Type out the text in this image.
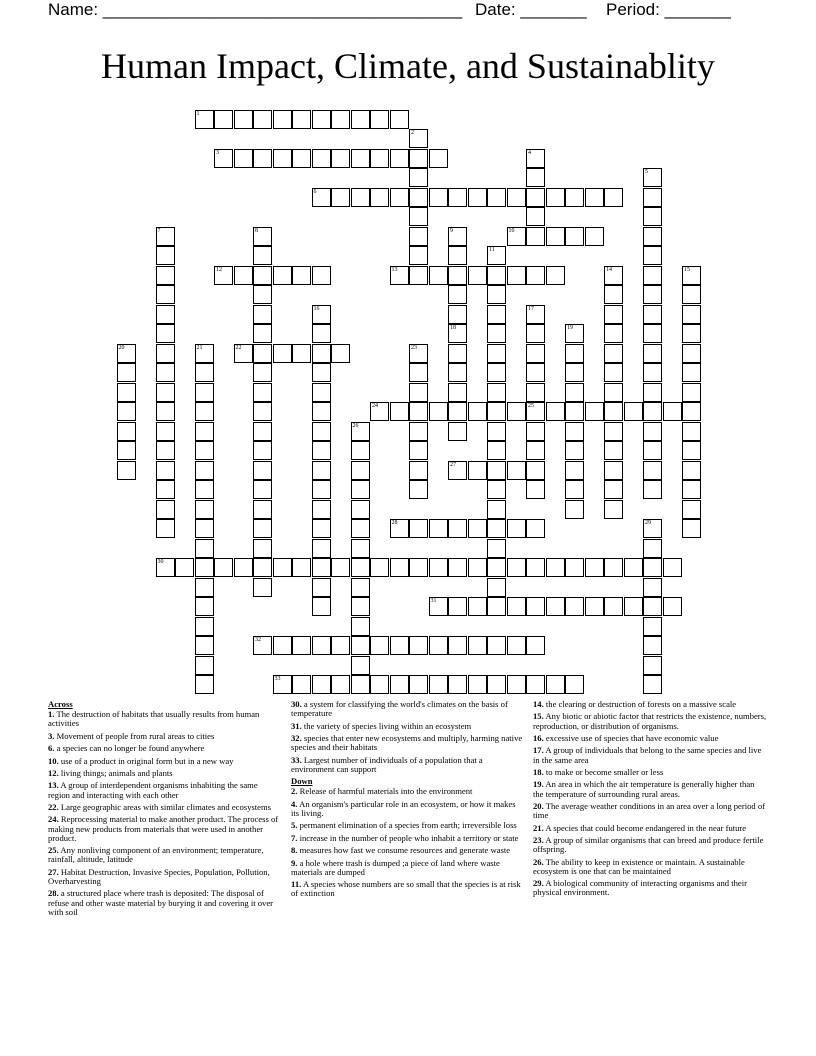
Name: ______________________________________ Date: _______ Period: _______
Human Impact, Climate, and Sustainablity
1
2
3	4
5
6
7	8	9
18
10
11
12	13	14	15
16	17
25
19
20	21	22	23
24
26
27
28	29
30
31
32
33
Across
1. The destruction of habitats that usually results from human activities
3. Movement of people from rural areas to cities
6. a species can no longer be found anywhere
10. use of a product in original form but in a new way
12. living things; animals and plants
13. A group of interdependent organisms inhabiting the same region and interacting with each other
22. Large geographic areas with similar climates and ecosystems
24. Reprocessing material to make another product. The process of making new products from materials that were used in another product.
25. Any nonliving component of an environment; temperature, rainfall, altitude, latitude
27. Habitat Destruction, Invasive Species, Population, Pollution, Overharvesting
28. a structured place where trash is deposited: The disposal of refuse and other waste material by burying it and covering it over with soil
30. a system for classifying the world's climates on the basis of temperature
31. the variety of species living within an ecosystem
32. species that enter new ecosystems and multiply, harming native species and their habitats
33. Largest number of individuals of a population that a environment can support
Down
2. Release of harmful materials into the environment
4. An organism's particular role in an ecosystem, or how it makes its living.
5. permanent elimination of a species from earth; irreversible loss
7. increase in the number of people who inhabit a territory or state
8. measures how fast we consume resources and generate waste
9. a hole where trash is dumped ;a piece of land where waste materials are dumped
11. A species whose numbers are so small that the species is at risk of extinction
14. the clearing or destruction of forests on a massive scale
15. Any biotic or abiotic factor that restricts the existence, numbers, reproduction, or distribution of organisms.
16. excessive use of species that have economic value
17. A group of individuals that belong to the same species and live in the same area
18. to make or become smaller or less
19. An area in which the air temperature is generally higher than the temperature of surrounding rural areas.
20. The average weather conditions in an area over a long period of time
21. A species that could become endangered in the near future
23. A group of similar organisms that can breed and produce fertile offspring.
26. The ability to keep in existence or maintain. A sustainable ecosystem is one that can be maintained
29. A biological community of interacting organisms and their physical environment.
